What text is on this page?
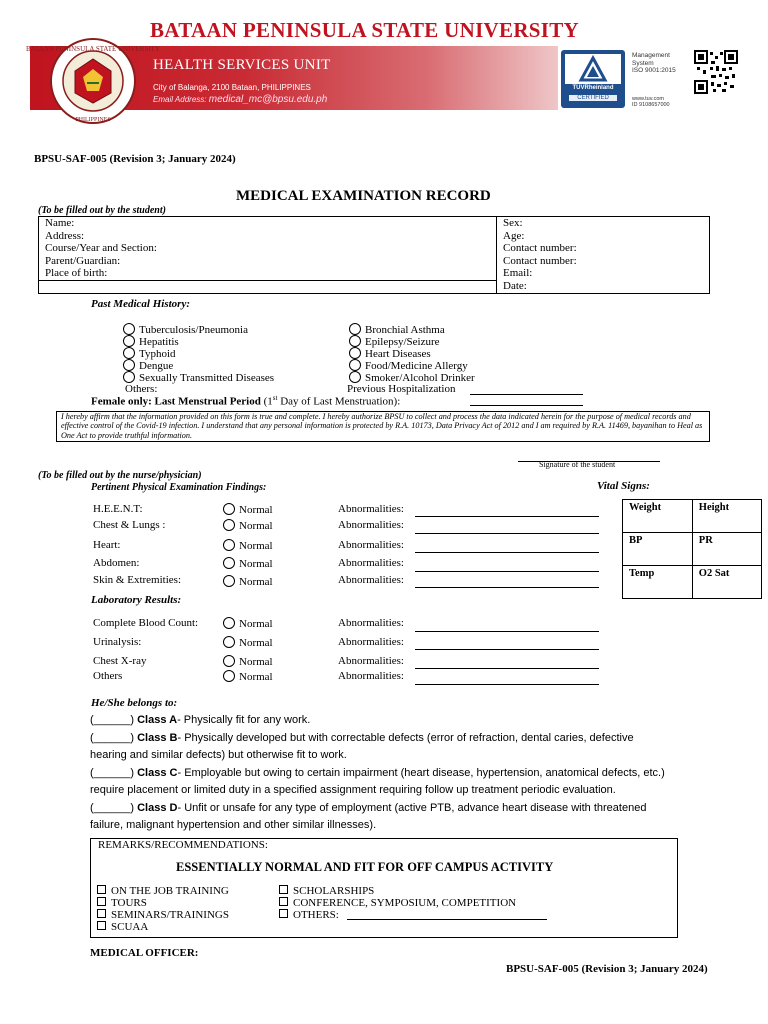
BATAAN PENINSULA STATE UNIVERSITY
PHILIPPINES
BATAAN PENINSULA STATE UNIVERSITY
HEALTH SERVICES UNIT
City of Balanga, 2100 Bataan, PHILIPPINES
Email Address: medical_mc@bpsu.edu.ph
TÜVRheinland
CERTIFIED
Management
System
ISO 9001:2015
www.tuv.com
ID 9108657000
BPSU-SAF-005 (Revision 3; January 2024)
MEDICAL EXAMINATION RECORD
(To be filled out by the student)
Name:	Sex:
Address:	Age:
Course/Year and Section:	Contact number:
Parent/Guardian:	Contact number:
Place of birth:	Email:
	Date:
Past Medical History:
Tuberculosis/Pneumonia
Hepatitis
Typhoid
Dengue
Sexually Transmitted Diseases
Bronchial Asthma
Epilepsy/Seizure
Heart Diseases
Food/Medicine Allergy
Smoker/Alcohol Drinker
Others:	Previous Hospitalization
Female only: Last Menstrual Period (1st Day of Last Menstruation):
I hereby affirm that the information provided on this form is true and complete. I hereby authorize BPSU to collect and process the data indicated herein for the purpose of medical records and effective control of the Covid-19 infection. I understand that any personal information is protected by R.A. 10173, Data Privacy Act of 2012 and I am required by R.A. 11469, bayanihan to Heal as One Act to provide truthful information.
Signature of the student
(To be filled out by the nurse/physician)
Pertinent Physical Examination Findings:	Vital Signs:
H.E.E.N.T:	Normal	Abnormalities:
Chest & Lungs :	Normal	Abnormalities:
Heart:	Normal	Abnormalities:
Abdomen:	Normal	Abnormalities:
Skin & Extremities:	Normal	Abnormalities:
Weight	Height
BP	PR
Temp	O2 Sat
Laboratory Results:
Complete Blood Count:	Normal	Abnormalities:
Urinalysis:	Normal	Abnormalities:
Chest X-ray	Normal	Abnormalities:
Others	Normal	Abnormalities:
He/She belongs to:
(______) Class A- Physically fit for any work.
(______) Class B- Physically developed but with correctable defects (error of refraction, dental caries, defective
hearing and similar defects) but otherwise fit to work.
(______) Class C- Employable but owing to certain impairment (heart disease, hypertension, anatomical defects, etc.)
require placement or limited duty in a specified assignment requiring follow up treatment periodic evaluation.
(______) Class D- Unfit or unsafe for any type of employment (active PTB, advance heart disease with threatened
failure, malignant hypertension and other similar illnesses).
REMARKS/RECOMMENDATIONS:
ESSENTIALLY NORMAL AND FIT FOR OFF CAMPUS ACTIVITY
ON THE JOB TRAINING
TOURS
SEMINARS/TRAININGS
SCUAA
SCHOLARSHIPS
CONFERENCE, SYMPOSIUM, COMPETITION
OTHERS:
MEDICAL OFFICER:
BPSU-SAF-005 (Revision 3; January 2024)
